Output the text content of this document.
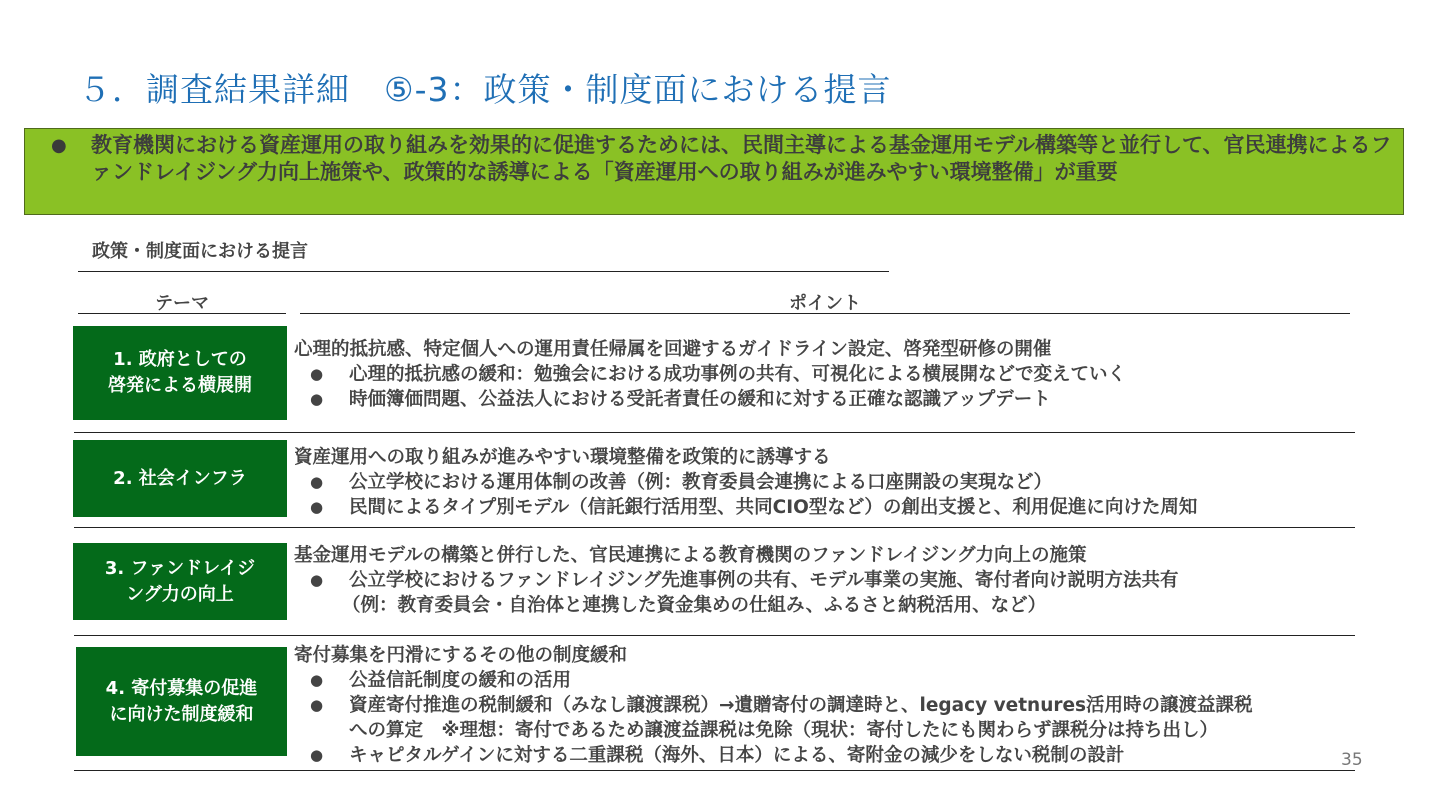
５．調査結果詳細　⑤-3：政策・制度面における提言
● 教育機関における資産運用の取り組みを効果的に促進するためには、民間主導による基金運用モデル構築等と並行して、官民連携によるファンドレイジング力向上施策や、政策的な誘導による「資産運用への取り組みが進みやすい環境整備」が重要
政策・制度面における提言
テーマ	ポイント
1. 政府としての
啓発による横展開
心理的抵抗感、特定個人への運用責任帰属を回避するガイドライン設定、啓発型研修の開催
● 心理的抵抗感の緩和：勉強会における成功事例の共有、可視化による横展開などで変えていく
● 時価簿価問題、公益法人における受託者責任の緩和に対する正確な認識アップデート
2. 社会インフラ
資産運用への取り組みが進みやすい環境整備を政策的に誘導する
● 公立学校における運用体制の改善（例：教育委員会連携による口座開設の実現など）
● 民間によるタイプ別モデル（信託銀行活用型、共同CIO型など）の創出支援と、利用促進に向けた周知
3. ファンドレイジ
ング力の向上
基金運用モデルの構築と併行した、官民連携による教育機関のファンドレイジング力向上の施策
● 公立学校におけるファンドレイジング先進事例の共有、モデル事業の実施、寄付者向け説明方法共有
（例：教育委員会・自治体と連携した資金集めの仕組み、ふるさと納税活用、など）
4. 寄付募集の促進
に向けた制度緩和
寄付募集を円滑にするその他の制度緩和
● 公益信託制度の緩和の活用
● 資産寄付推進の税制緩和（みなし譲渡課税）→遺贈寄付の調達時と、legacy vetnures活用時の譲渡益課税
への算定　※理想：寄付であるため譲渡益課税は免除（現状：寄付したにも関わらず課税分は持ち出し）
● キャピタルゲインに対する二重課税（海外、日本）による、寄附金の減少をしない税制の設計	35
